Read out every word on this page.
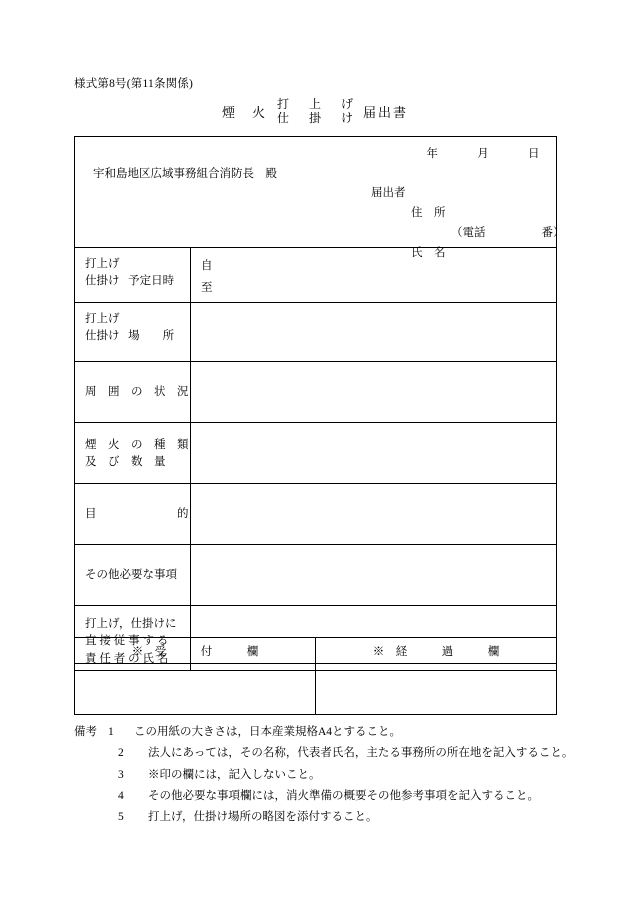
様式第8号(第11条関係)
煙　火
打　上　げ
仕　掛　け 届出書
年	月	日
宇和島地区広域事務組合消防長　殿
届出者
住　所
（電話	番）
氏　名

打上げ
仕掛け 予定日時

自
至

打上げ
仕掛け 場　　所	

周　囲　の　状　況	

煙　火　の　種　類
及　び　数　量	

目　　　　　　　的	

その他必要な事項	

打上げ，仕掛けに
直 接 従 事 す る
責 任 者 の 氏 名	

※　受　　　付　　　欄	※　経　　　過　　　欄

備考 1 この用紙の大きさは，日本産業規格A4とすること。
2 法人にあっては，その名称，代表者氏名，主たる事務所の所在地を記入すること。
3 ※印の欄には，記入しないこと。
4 その他必要な事項欄には，消火準備の概要その他参考事項を記入すること。
5 打上げ，仕掛け場所の略図を添付すること。
